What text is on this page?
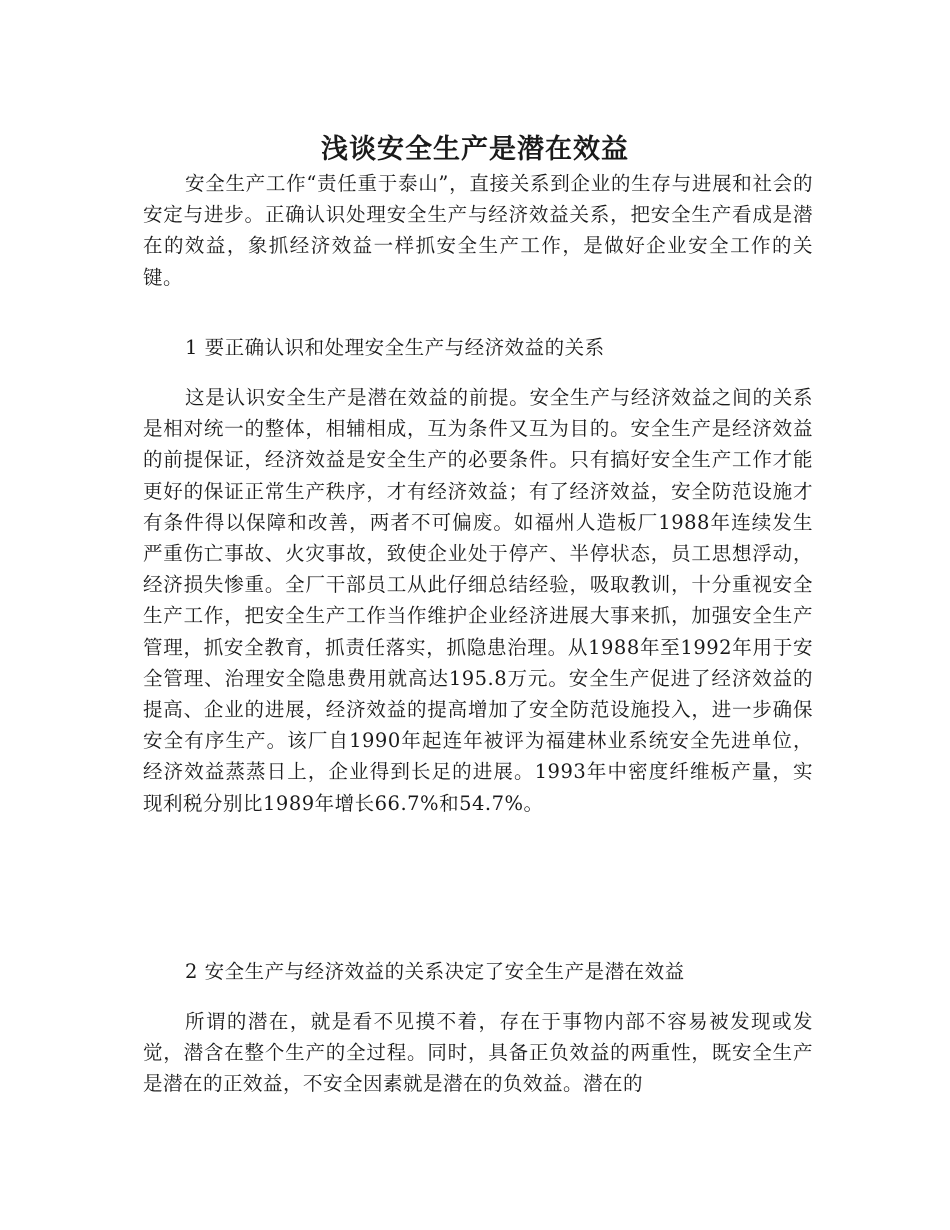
浅谈安全生产是潜在效益

安全生产工作“责任重于泰山”，直接关系到企业的生存与进展和社会的安定与进步。正确认识处理安全生产与经济效益关系，把安全生产看成是潜在的效益，象抓经济效益一样抓安全生产工作，是做好企业安全工作的关键。

1 要正确认识和处理安全生产与经济效益的关系

这是认识安全生产是潜在效益的前提。安全生产与经济效益之间的关系是相对统一的整体，相辅相成，互为条件又互为目的。安全生产是经济效益的前提保证，经济效益是安全生产的必要条件。只有搞好安全生产工作才能更好的保证正常生产秩序，才有经济效益；有了经济效益，安全防范设施才有条件得以保障和改善，两者不可偏废。如福州人造板厂1988年连续发生严重伤亡事故、火灾事故，致使企业处于停产、半停状态，员工思想浮动，经济损失惨重。全厂干部员工从此仔细总结经验，吸取教训，十分重视安全生产工作，把安全生产工作当作维护企业经济进展大事来抓，加强安全生产管理，抓安全教育，抓责任落实，抓隐患治理。从1988年至1992年用于安全管理、治理安全隐患费用就高达195.8万元。安全生产促进了经济效益的提高、企业的进展，经济效益的提高增加了安全防范设施投入，进一步确保安全有序生产。该厂自1990年起连年被评为福建林业系统安全先进单位，经济效益蒸蒸日上，企业得到长足的进展。1993年中密度纤维板产量，实现利税分别比1989年增长66.7%和54.7%。

2 安全生产与经济效益的关系决定了安全生产是潜在效益

所谓的潜在，就是看不见摸不着，存在于事物内部不容易被发现或发觉，潜含在整个生产的全过程。同时，具备正负效益的两重性，既安全生产是潜在的正效益，不安全因素就是潜在的负效益。潜在的
